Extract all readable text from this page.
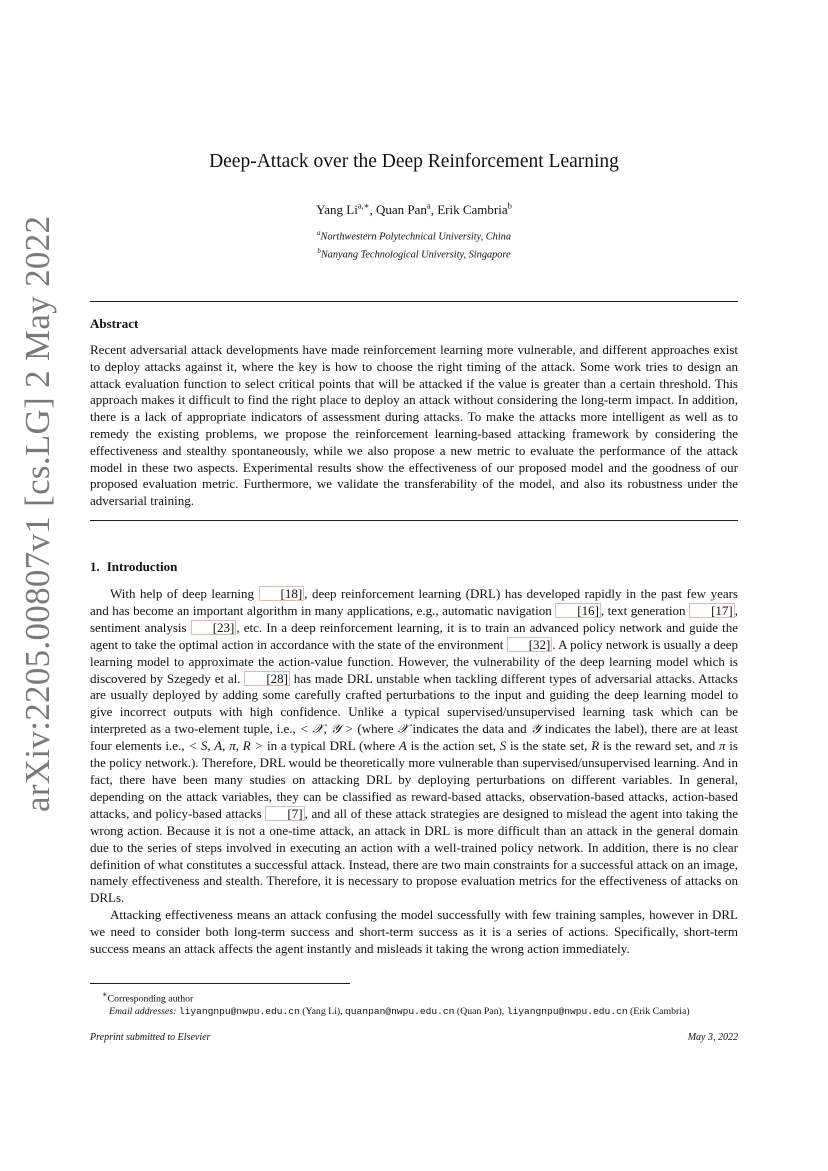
arXiv:2205.00807v1 [cs.LG] 2 May 2022
Deep-Attack over the Deep Reinforcement Learning
Yang $Li^{a,∗}$, Quan Pan$^a$, Erik Cambria$^b$
$^a$Northwestern Polytechnical University, China
$^b$Nanyang Technological University, Singapore
Abstract
Recent adversarial attack developments have made reinforcement learning more vulnerable, and different approaches exist to deploy attacks against it, where the key is how to choose the right timing of the attack. Some work tries to design an attack evaluation function to select critical points that will be attacked if the value is greater than a certain threshold. This approach makes it difficult to find the right place to deploy an attack without considering the long-term impact. In addition, there is a lack of appropriate indicators of assessment during attacks. To make the attacks more intelligent as well as to remedy the existing problems, we propose the reinforcement learning-based attacking framework by considering the effectiveness and stealthy spontaneously, while we also propose a new metric to evaluate the performance of the attack model in these two aspects. Experimental results show the effectiveness of our proposed model and the goodness of our proposed evaluation metric. Furthermore, we validate the transferability of the model, and also its robustness under the adversarial training.
1. Introduction

With help of deep learning [18] , deep reinforcement learning (DRL) has developed rapidly in the past few years and has become an important algorithm in many applications, e.g., automatic navigation [16] , text generation [17] , sentiment analysis [23] , etc. In a deep reinforcement learning, it is to train an advanced policy network and guide the agent to take the optimal action in accordance with the state of the environment [32] . A policy network is usually a deep learning model to approximate the action-value function. However, the vulnerability of the deep learning model which is discovered by Szegedy et al. [28] has made DRL unstable when tackling different types of adversarial attacks. Attacks are usually deployed by adding some carefully crafted perturbations to the input and guiding the deep learning model to give incorrect outputs with high confidence. Unlike a typical supervised/unsupervised learning task which can be interpreted as a two-element tuple, i.e., < 𝒳, 𝒴 > (where 𝒳 indicates the data and 𝒴 indicates the label), there are at least four elements i.e., < S, A, π, R > in a typical DRL (where A is the action set, S is the state set, R is the reward set, and π is the policy network.). Therefore, DRL would be theoretically more vulnerable than supervised/unsupervised learning. And in fact, there have been many studies on attacking DRL by deploying perturbations on different variables. In general, depending on the attack variables, they can be classified as reward-based attacks, observation-based attacks, action-based attacks, and policy-based attacks [7] , and all of these attack strategies are designed to mislead the agent into taking the wrong action. Because it is not a one-time attack, an attack in DRL is more difficult than an attack in the general domain due to the series of steps involved in executing an action with a well-trained policy network. In addition, there is no clear definition of what constitutes a successful attack. Instead, there are two main constraints for a successful attack on an image, namely effectiveness and stealth. Therefore, it is necessary to propose evaluation metrics for the effectiveness of attacks on DRLs.

Attacking effectiveness means an attack confusing the model successfully with few training samples, however in DRL we need to consider both long-term success and short-term success as it is a series of actions. Specifically, short-term success means an attack affects the agent instantly and misleads it taking the wrong action immediately.

∗Corresponding author
Email addresses: liyangnpu@nwpu.edu.cn (Yang Li), quanpan@nwpu.edu.cn (Quan Pan), liyangnpu@nwpu.edu.cn (Erik Cambria)
Preprint submitted to Elsevier	May 3, 2022
